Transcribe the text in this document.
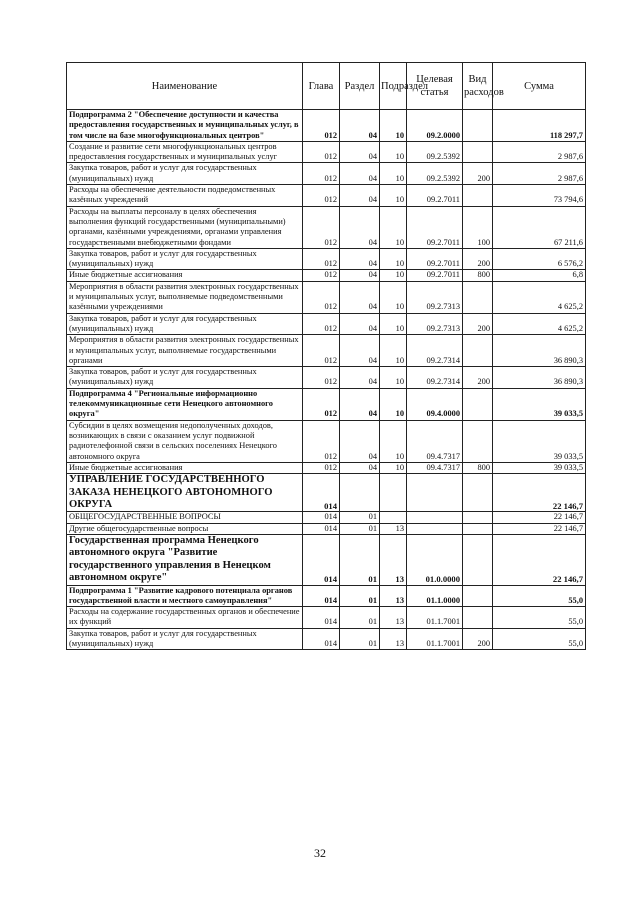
Наименование	Глава	Раздел	Подраздел	Целевая статья	Вид расходов	Сумма
Подпрограмма 2 "Обеспечение доступности и качества предоставления государственных и муниципальных услуг, в том числе на базе многофункциональных центров"	012	04	10	09.2.0000		118 297,7
Создание и развитие сети многофункциональных центров предоставления государственных и муниципальных услуг	012	04	10	09.2.5392		2 987,6
Закупка товаров, работ и услуг для государственных (муниципальных) нужд	012	04	10	09.2.5392	200	2 987,6
Расходы на обеспечение деятельности подведомственных казённых учреждений	012	04	10	09.2.7011		73 794,6
Расходы на выплаты персоналу в целях обеспечения выполнения функций государственными (муниципальными) органами, казёнными учреждениями, органами управления государственными внебюджетными фондами	012	04	10	09.2.7011	100	67 211,6
Закупка товаров, работ и услуг для государственных (муниципальных) нужд	012	04	10	09.2.7011	200	6 576,2
Иные бюджетные ассигнования	012	04	10	09.2.7011	800	6,8
Мероприятия в области развития электронных государственных и муниципальных услуг, выполняемые подведомственными казёнными учреждениями	012	04	10	09.2.7313		4 625,2
Закупка товаров, работ и услуг для государственных (муниципальных) нужд	012	04	10	09.2.7313	200	4 625,2
Мероприятия в области развития электронных государственных и муниципальных услуг, выполняемые государственными органами	012	04	10	09.2.7314		36 890,3
Закупка товаров, работ и услуг для государственных (муниципальных) нужд	012	04	10	09.2.7314	200	36 890,3
Подпрограмма 4 "Региональные информационно телекоммуникационные сети Ненецкого автономного округа"	012	04	10	09.4.0000		39 033,5
Субсидии в целях возмещения недополученных доходов, возникающих в связи с оказанием услуг подвижной радиотелефонной связи в сельских поселениях Ненецкого автономного округа	012	04	10	09.4.7317		39 033,5
Иные бюджетные ассигнования	012	04	10	09.4.7317	800	39 033,5
УПРАВЛЕНИЕ ГОСУДАРСТВЕННОГО ЗАКАЗА НЕНЕЦКОГО АВТОНОМНОГО ОКРУГА	014					22 146,7
ОБЩЕГОСУДАРСТВЕННЫЕ ВОПРОСЫ	014	01				22 146,7
Другие общегосударственные вопросы	014	01	13			22 146,7
Государственная программа Ненецкого автономного округа "Развитие государственного управления в Ненецком автономном округе"	014	01	13	01.0.0000		22 146,7
Подпрограмма 1 "Развитие кадрового потенциала органов государственной власти и местного самоуправления"	014	01	13	01.1.0000		55,0
Расходы на содержание государственных органов и обеспечение их функций	014	01	13	01.1.7001		55,0
Закупка товаров, работ и услуг для государственных (муниципальных) нужд	014	01	13	01.1.7001	200	55,0
32
